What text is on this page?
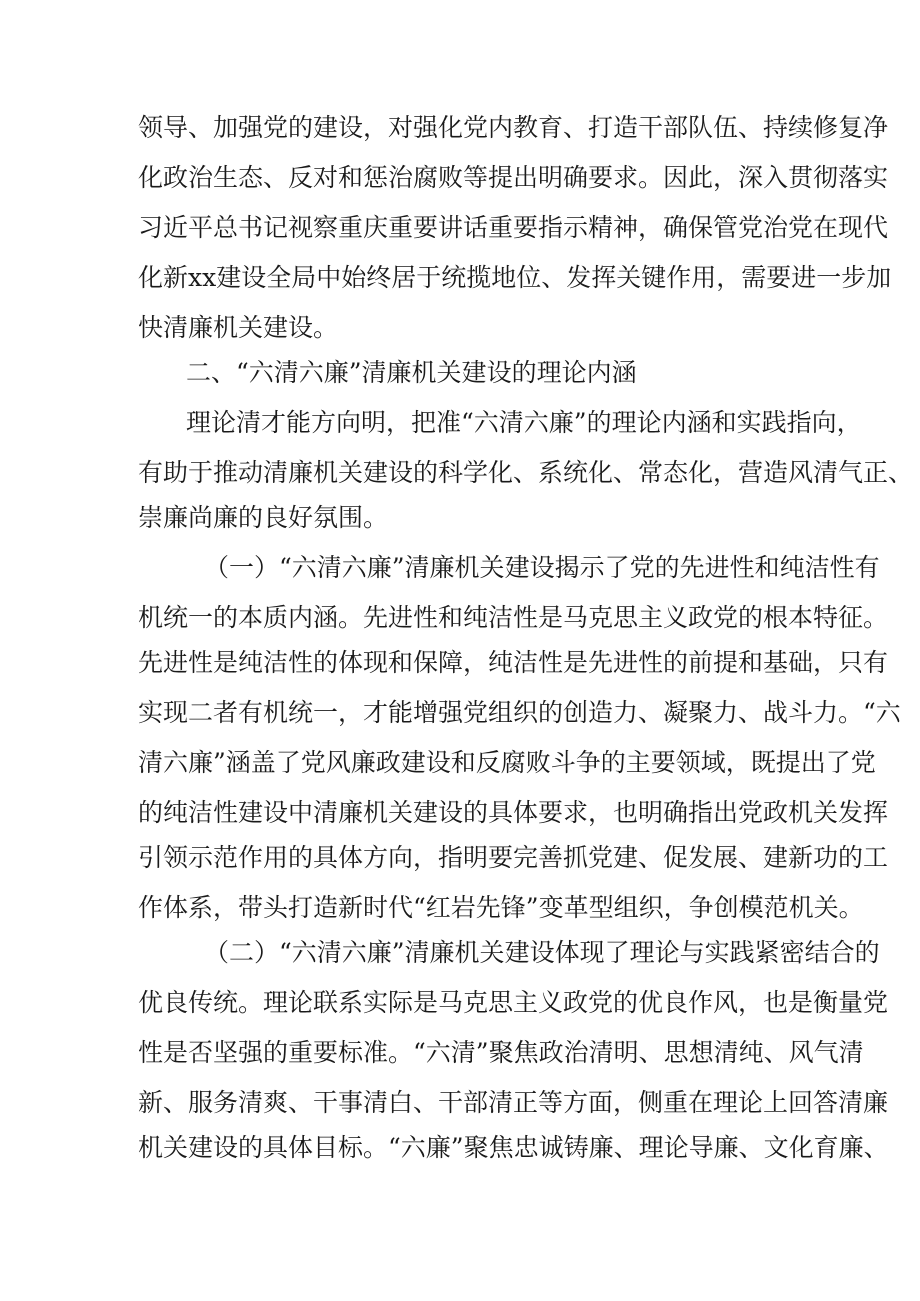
领导、加强党的建设，对强化党内教育、打造干部队伍、持续修复净
化政治生态、反对和惩治腐败等提出明确要求。因此，深入贯彻落实
习近平总书记视察重庆重要讲话重要指示精神，确保管党治党在现代
化新xx建设全局中始终居于统揽地位、发挥关键作用，需要进一步加
快清廉机关建设。
二、“六清六廉”清廉机关建设的理论内涵
理论清才能方向明，把准“六清六廉”的理论内涵和实践指向，
有助于推动清廉机关建设的科学化、系统化、常态化，营造风清气正、
崇廉尚廉的良好氛围。
（一）“六清六廉”清廉机关建设揭示了党的先进性和纯洁性有
机统一的本质内涵。先进性和纯洁性是马克思主义政党的根本特征。
先进性是纯洁性的体现和保障，纯洁性是先进性的前提和基础，只有
实现二者有机统一，才能增强党组织的创造力、凝聚力、战斗力。“六
清六廉”涵盖了党风廉政建设和反腐败斗争的主要领域，既提出了党
的纯洁性建设中清廉机关建设的具体要求，也明确指出党政机关发挥
引领示范作用的具体方向，指明要完善抓党建、促发展、建新功的工
作体系，带头打造新时代“红岩先锋”变革型组织，争创模范机关。
（二）“六清六廉”清廉机关建设体现了理论与实践紧密结合的
优良传统。理论联系实际是马克思主义政党的优良作风，也是衡量党
性是否坚强的重要标准。“六清”聚焦政治清明、思想清纯、风气清
新、服务清爽、干事清白、干部清正等方面，侧重在理论上回答清廉
机关建设的具体目标。“六廉”聚焦忠诚铸廉、理论导廉、文化育廉、
